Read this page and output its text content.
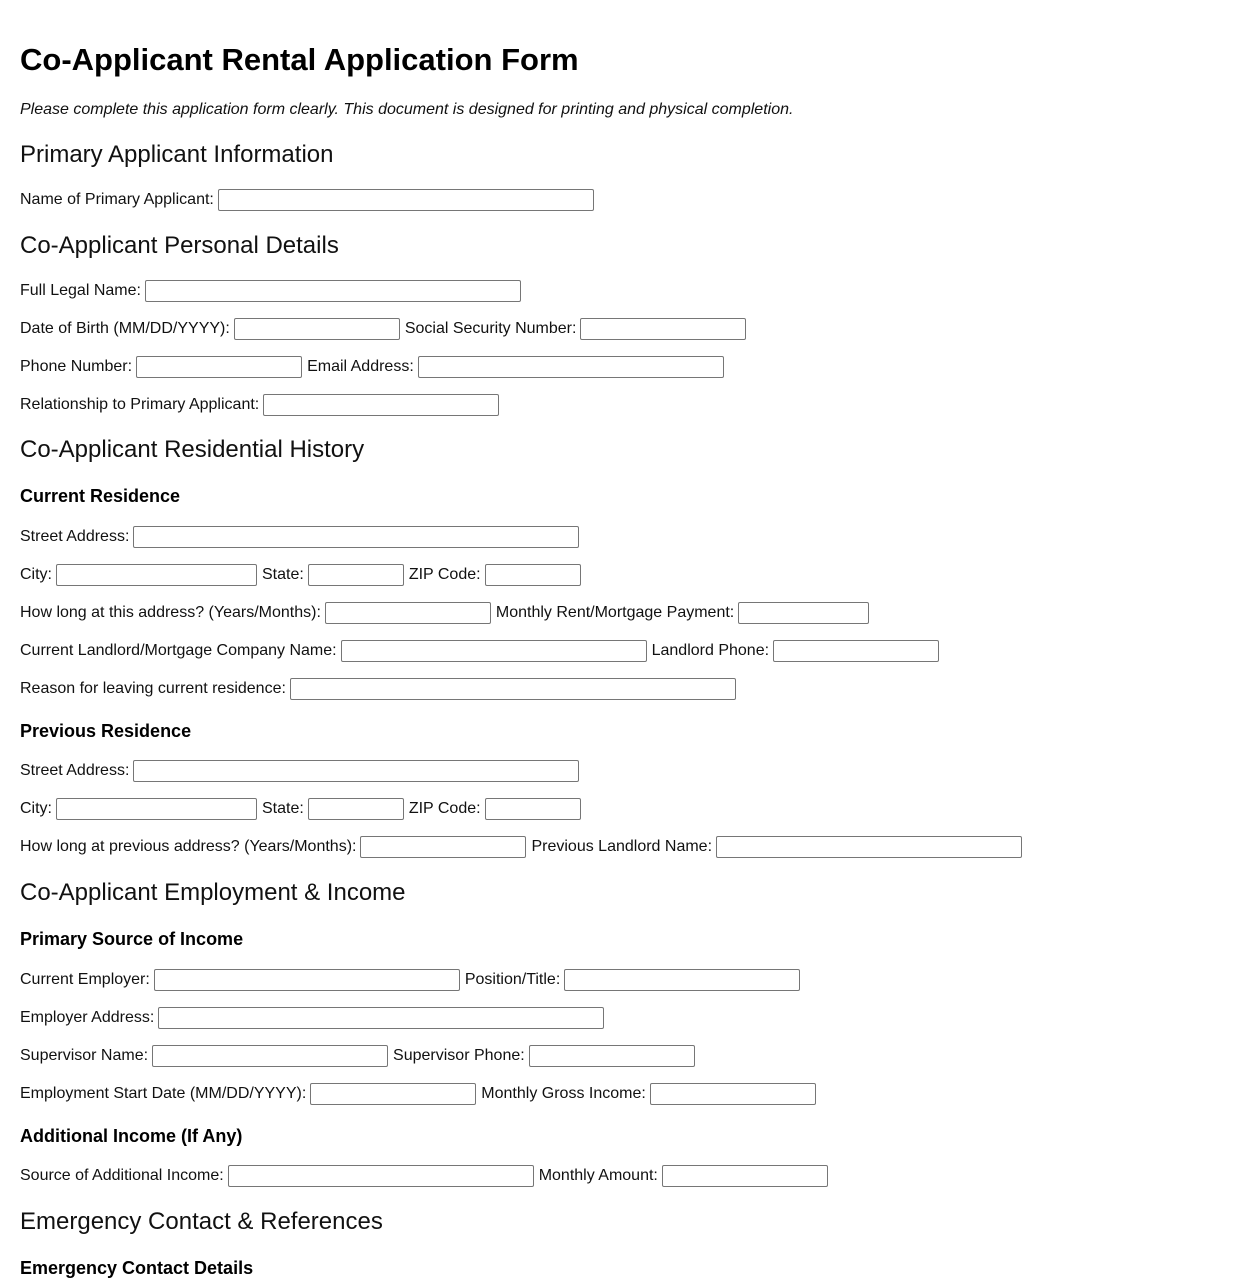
Co-Applicant Rental Application Form

Please complete this application form clearly. This document is designed for printing and physical completion.

Primary Applicant Information
Name of Primary Applicant:
Co-Applicant Personal Details
Full Legal Name:
Date of Birth (MM/DD/YYYY):	Social Security Number:
Phone Number:	Email Address:
Relationship to Primary Applicant:
Co-Applicant Residential History
Current Residence
Street Address:
City:	State:	ZIP Code:
How long at this address? (Years/Months):	Monthly Rent/Mortgage Payment:
Current Landlord/Mortgage Company Name:	Landlord Phone:
Reason for leaving current residence:
Previous Residence
Street Address:
City:	State:	ZIP Code:
How long at previous address? (Years/Months):	Previous Landlord Name:
Co-Applicant Employment & Income
Primary Source of Income
Current Employer:	Position/Title:
Employer Address:
Supervisor Name:	Supervisor Phone:
Employment Start Date (MM/DD/YYYY):	Monthly Gross Income:
Additional Income (If Any)
Source of Additional Income:	Monthly Amount:
Emergency Contact & References
Emergency Contact Details
